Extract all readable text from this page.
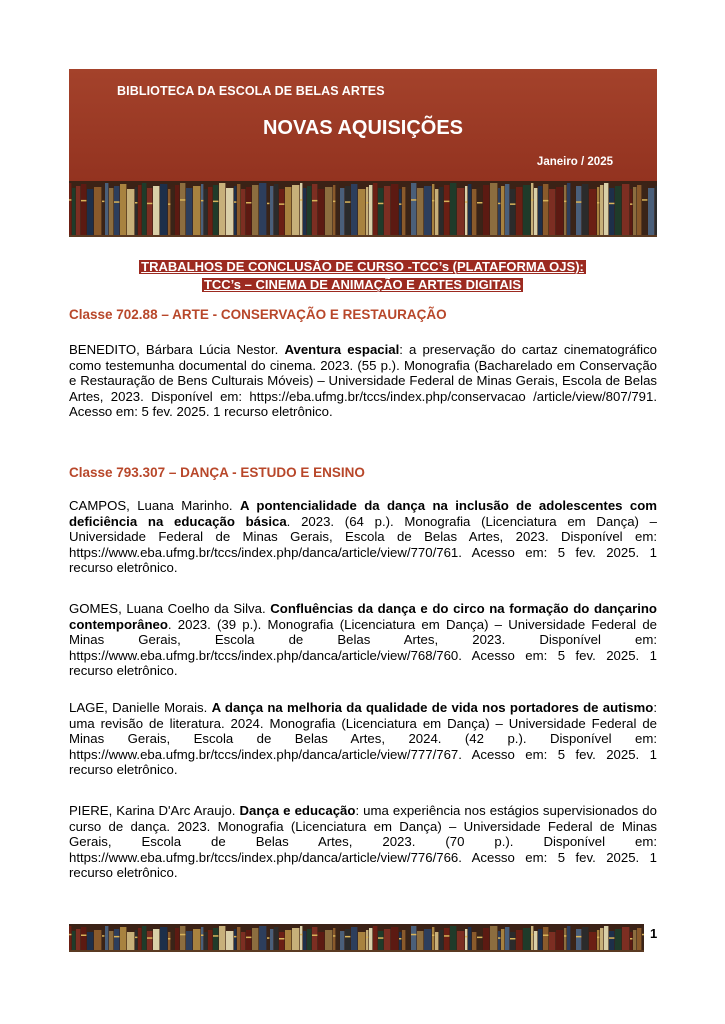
BIBLIOTECA DA ESCOLA DE BELAS ARTES
NOVAS AQUISIÇÕES
Janeiro / 2025
TRABALHOS DE CONCLUSÃO DE CURSO -TCC’s (PLATAFORMA OJS):
TCC’s – CINEMA DE ANIMAÇÃO E ARTES DIGITAIS
Classe 702.88 – ARTE - CONSERVAÇÃO E RESTAURAÇÃO
BENEDITO, Bárbara Lúcia Nestor. Aventura espacial: a preservação do cartaz cinematográfico como testemunha documental do cinema. 2023. (55 p.). Monografia (Bacharelado em Conservação e Restauração de Bens Culturais Móveis) – Universidade Federal de Minas Gerais, Escola de Belas Artes, 2023. Disponível em: https://eba.ufmg.br/tccs/index.php/conservacao /article/view/807/791. Acesso em: 5 fev. 2025. 1 recurso eletrônico.
Classe 793.307 – DANÇA - ESTUDO E ENSINO
CAMPOS, Luana Marinho. A pontencialidade da dança na inclusão de adolescentes com deficiência na educação básica. 2023. (64 p.). Monografia (Licenciatura em Dança) – Universidade Federal de Minas Gerais, Escola de Belas Artes, 2023. Disponível em: https://www.eba.ufmg.br/tccs/index.php/danca/article/view/770/761. Acesso em: 5 fev. 2025. 1 recurso eletrônico.
GOMES, Luana Coelho da Silva. Confluências da dança e do circo na formação do dançarino contemporâneo. 2023. (39 p.). Monografia (Licenciatura em Dança) – Universidade Federal de Minas Gerais, Escola de Belas Artes, 2023. Disponível em: https://www.eba.ufmg.br/tccs/index.php/danca/article/view/768/760. Acesso em: 5 fev. 2025. 1 recurso eletrônico.
LAGE, Danielle Morais. A dança na melhoria da qualidade de vida nos portadores de autismo: uma revisão de literatura. 2024. Monografia (Licenciatura em Dança) – Universidade Federal de Minas Gerais, Escola de Belas Artes, 2024. (42 p.). Disponível em: https://www.eba.ufmg.br/tccs/index.php/danca/article/view/777/767. Acesso em: 5 fev. 2025. 1 recurso eletrônico.
PIERE, Karina D'Arc Araujo. Dança e educação: uma experiência nos estágios supervisionados do curso de dança. 2023. Monografia (Licenciatura em Dança) – Universidade Federal de Minas Gerais, Escola de Belas Artes, 2023. (70 p.). Disponível em: https://www.eba.ufmg.br/tccs/index.php/danca/article/view/776/766. Acesso em: 5 fev. 2025. 1 recurso eletrônico.
1
